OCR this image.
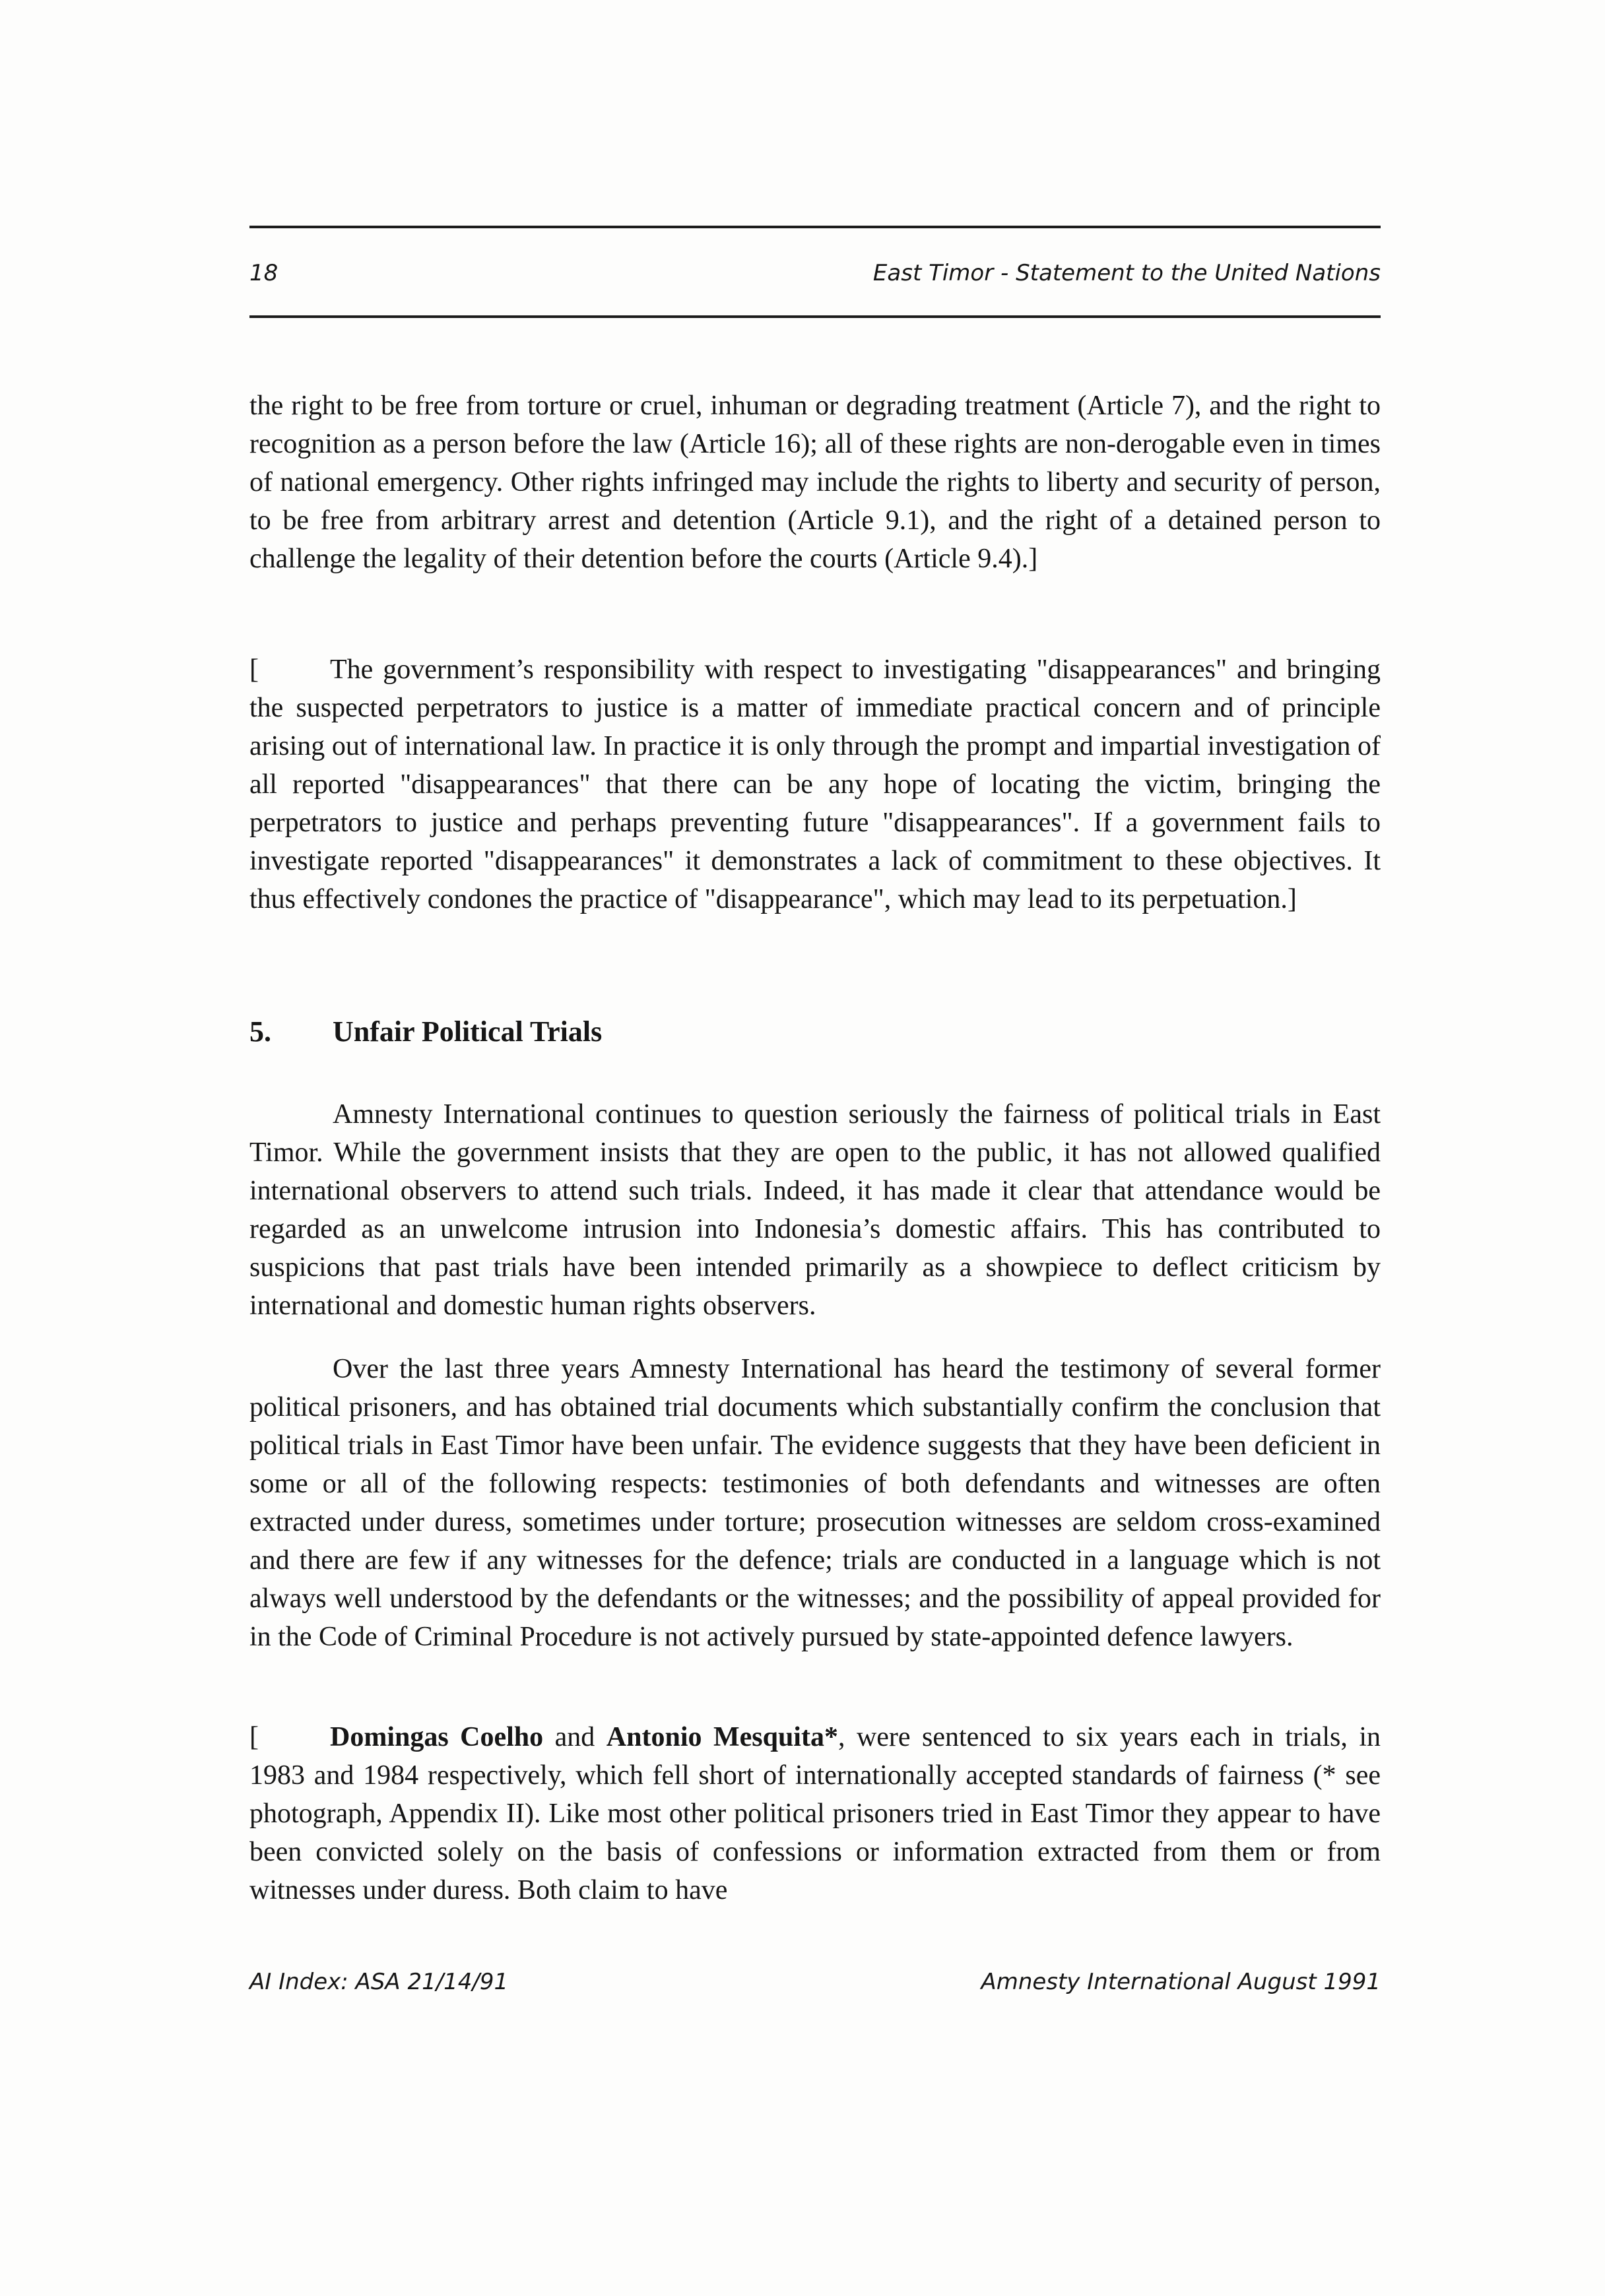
18	East Timor - Statement to the United Nations

the right to be free from torture or cruel, inhuman or degrading treatment (Article 7), and the right to recognition as a person before the law (Article 16); all of these rights are non-derogable even in times of national emergency. Other rights infringed may include the rights to liberty and security of person, to be free from arbitrary arrest and detention (Article 9.1), and the right of a detained person to challenge the legality of their detention before the courts (Article 9.4).]

[	The government’s responsibility with respect to investigating "disappearances" and bringing the suspected perpetrators to justice is a matter of immediate practical concern and of principle arising out of international law. In practice it is only through the prompt and impartial investigation of all reported "disappearances" that there can be any hope of locating the victim, bringing the perpetrators to justice and perhaps preventing future "disappearances". If a government fails to investigate reported "disappearances" it demonstrates a lack of commitment to these objectives. It thus effectively condones the practice of "disappearance", which may lead to its perpetuation.]

5. Unfair Political Trials

Amnesty International continues to question seriously the fairness of political trials in East Timor. While the government insists that they are open to the public, it has not allowed qualified international observers to attend such trials. Indeed, it has made it clear that attendance would be regarded as an unwelcome intrusion into Indonesia’s domestic affairs. This has contributed to suspicions that past trials have been intended primarily as a showpiece to deflect criticism by international and domestic human rights observers.

Over the last three years Amnesty International has heard the testimony of several former political prisoners, and has obtained trial documents which substantially confirm the conclusion that political trials in East Timor have been unfair. The evidence suggests that they have been deficient in some or all of the following respects: testimonies of both defendants and witnesses are often extracted under duress, sometimes under torture; prosecution witnesses are seldom cross-examined and there are few if any witnesses for the defence; trials are conducted in a language which is not always well understood by the defendants or the witnesses; and the possibility of appeal provided for in the Code of Criminal Procedure is not actively pursued by state-appointed defence lawyers.

[	Domingas Coelho and Antonio Mesquita*, were sentenced to six years each in trials, in 1983 and 1984 respectively, which fell short of internationally accepted standards of fairness (* see photograph, Appendix II). Like most other political prisoners tried in East Timor they appear to have been convicted solely on the basis of confessions or information extracted from them or from witnesses under duress. Both claim to have

AI Index: ASA 21/14/91	Amnesty International August 1991
